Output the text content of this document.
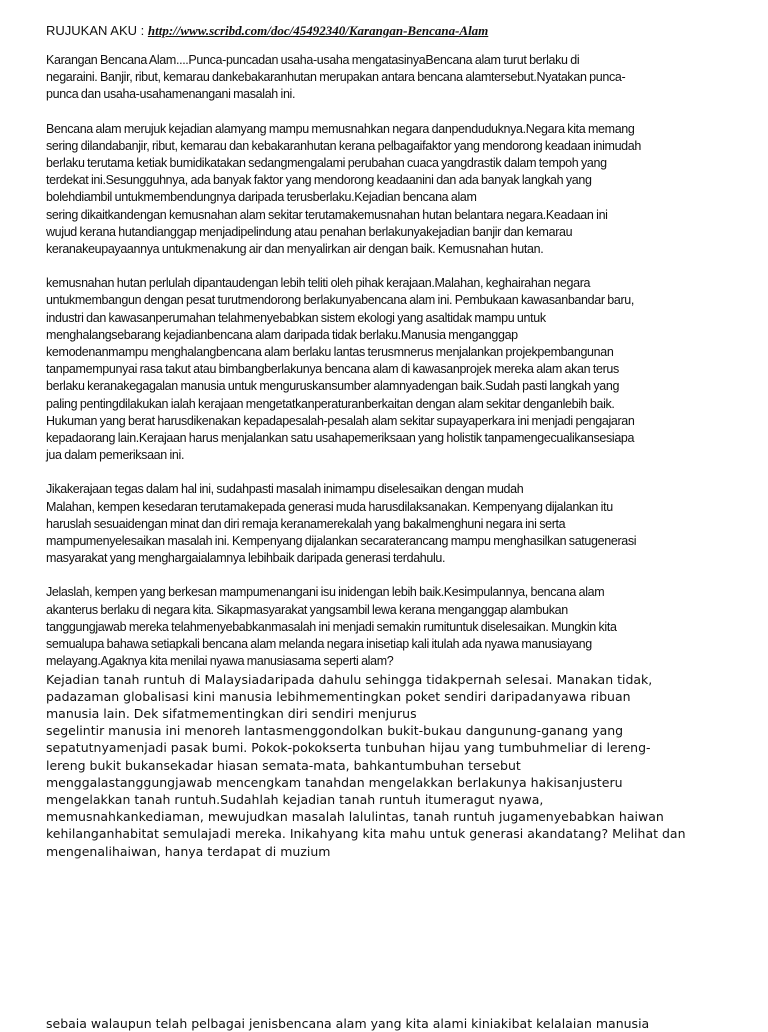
RUJUKAN AKU : http://www.scribd.com/doc/45492340/Karangan-Bencana-Alam

Karangan Bencana Alam....Punca-puncadan usaha-usaha mengatasinyaBencana alam turut berlaku di
negaraini. Banjir, ribut, kemarau dankebakaranhutan merupakan antara bencana alamtersebut.Nyatakan punca-
punca dan usaha-usahamenangani masalah ini.

Bencana alam merujuk kejadian alamyang mampu memusnahkan negara danpenduduknya.Negara kita memang
sering dilandabanjir, ribut, kemarau dan kebakaranhutan kerana pelbagaifaktor yang mendorong keadaan inimudah
berlaku terutama ketiak bumidikatakan sedangmengalami perubahan cuaca yangdrastik dalam tempoh yang
terdekat ini.Sesungguhnya, ada banyak faktor yang mendorong keadaanini dan ada banyak langkah yang
bolehdiambil untukmembendungnya daripada terusberlaku.Kejadian bencana alam
sering dikaitkandengan kemusnahan alam sekitar terutamakemusnahan hutan belantara negara.Keadaan ini
wujud kerana hutandianggap menjadipelindung atau penahan berlakunyakejadian banjir dan kemarau
keranakeupayaannya untukmenakung air dan menyalirkan air dengan baik. Kemusnahan hutan.

kemusnahan hutan perlulah dipantaudengan lebih teliti oleh pihak kerajaan.Malahan, keghairahan negara
untukmembangun dengan pesat turutmendorong berlakunyabencana alam ini. Pembukaan kawasanbandar baru,
industri dan kawasanperumahan telahmenyebabkan sistem ekologi yang asaltidak mampu untuk
menghalangsebarang kejadianbencana alam daripada tidak berlaku.Manusia menganggap
kemodenanmampu menghalangbencana alam berlaku lantas terusmnerus menjalankan projekpembangunan
tanpamempunyai rasa takut atau bimbangberlakunya bencana alam di kawasanprojek mereka alam akan terus
berlaku keranakegagalan manusia untuk menguruskansumber alamnyadengan baik.Sudah pasti langkah yang
paling pentingdilakukan ialah kerajaan mengetatkanperaturanberkaitan dengan alam sekitar denganlebih baik.
Hukuman yang berat harusdikenakan kepadapesalah-pesalah alam sekitar supayaperkara ini menjadi pengajaran
kepadaorang lain.Kerajaan harus menjalankan satu usahapemeriksaan yang holistik tanpamengecualikansesiapa
jua dalam pemeriksaan ini.

Jikakerajaan tegas dalam hal ini, sudahpasti masalah inimampu diselesaikan dengan mudah
Malahan, kempen kesedaran terutamakepada generasi muda harusdilaksanakan. Kempenyang dijalankan itu
haruslah sesuaidengan minat dan diri remaja keranamerekalah yang bakalmenghuni negara ini serta
mampumenyelesaikan masalah ini. Kempenyang dijalankan secaraterancang mampu menghasilkan satugenerasi
masyarakat yang menghargaialamnya lebihbaik daripada generasi terdahulu.

Jelaslah, kempen yang berkesan mampumenangani isu inidengan lebih baik.Kesimpulannya, bencana alam
akanterus berlaku di negara kita. Sikapmasyarakat yangsambil lewa kerana menganggap alambukan
tanggungjawab mereka telahmenyebabkanmasalah ini menjadi semakin rumituntuk diselesaikan. Mungkin kita
semualupa bahawa setiapkali bencana alam melanda negara inisetiap kali itulah ada nyawa manusiayang
melayang.Agaknya kita menilai nyawa manusiasama seperti alam?

Kejadian tanah runtuh di Malaysiadaripada dahulu sehingga tidakpernah selesai. Manakan tidak,
padazaman globalisasi kini manusia lebihmementingkan poket sendiri daripadanyawa ribuan
manusia lain. Dek sifatmementingkan diri sendiri menjurus
segelintir manusia ini menoreh lantasmenggondolkan bukit-bukau dangunung-ganang yang
sepatutnyamenjadi pasak bumi. Pokok-pokokserta tunbuhan hijau yang tumbuhmeliar di lereng-
lereng bukit bukansekadar hiasan semata-mata, bahkantumbuhan tersebut
menggalastanggungjawab mencengkam tanahdan mengelakkan berlakunya hakisanjusteru
mengelakkan tanah runtuh.Sudahlah kejadian tanah runtuh itumeragut nyawa,
memusnahkankediaman, mewujudkan masalah lalulintas, tanah runtuh jugamenyebabkan haiwan
kehilanganhabitat semulajadi mereka. Inikahyang kita mahu untuk generasi akandatang? Melihat dan
mengenalihaiwan, hanya terdapat di muzium

sebaia walaupun telah pelbagai jenisbencana alam yang kita alami kiniakibat kelalaian manusia
